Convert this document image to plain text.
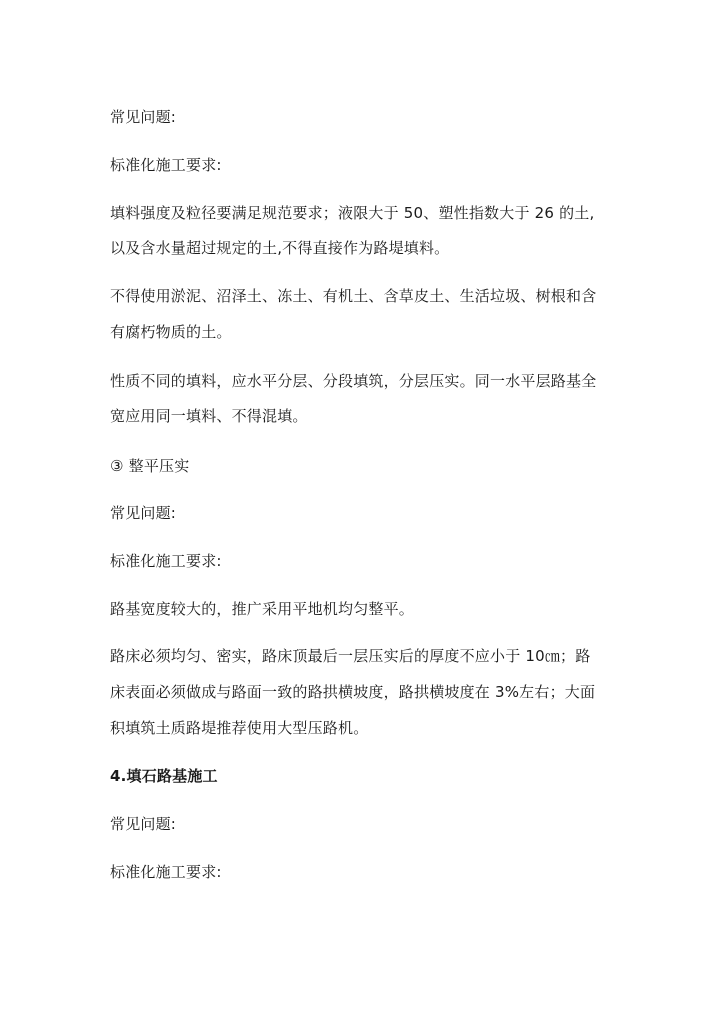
常见问题:
标准化施工要求:
填料强度及粒径要满足规范要求；液限大于 50、塑性指数大于 26 的土,
以及含水量超过规定的土,不得直接作为路堤填料。
不得使用淤泥、沼泽土、冻土、有机土、含草皮土、生活垃圾、树根和含
有腐朽物质的土。
性质不同的填料，应水平分层、分段填筑，分层压实。同一水平层路基全
宽应用同一填料、不得混填。
③ 整平压实
常见问题:
标准化施工要求:
路基宽度较大的，推广采用平地机均匀整平。
路床必须均匀、密实，路床顶最后一层压实后的厚度不应小于 10㎝；路
床表面必须做成与路面一致的路拱横坡度，路拱横坡度在 3%左右；大面
积填筑土质路堤推荐使用大型压路机。
4.填石路基施工
常见问题:
标准化施工要求:
